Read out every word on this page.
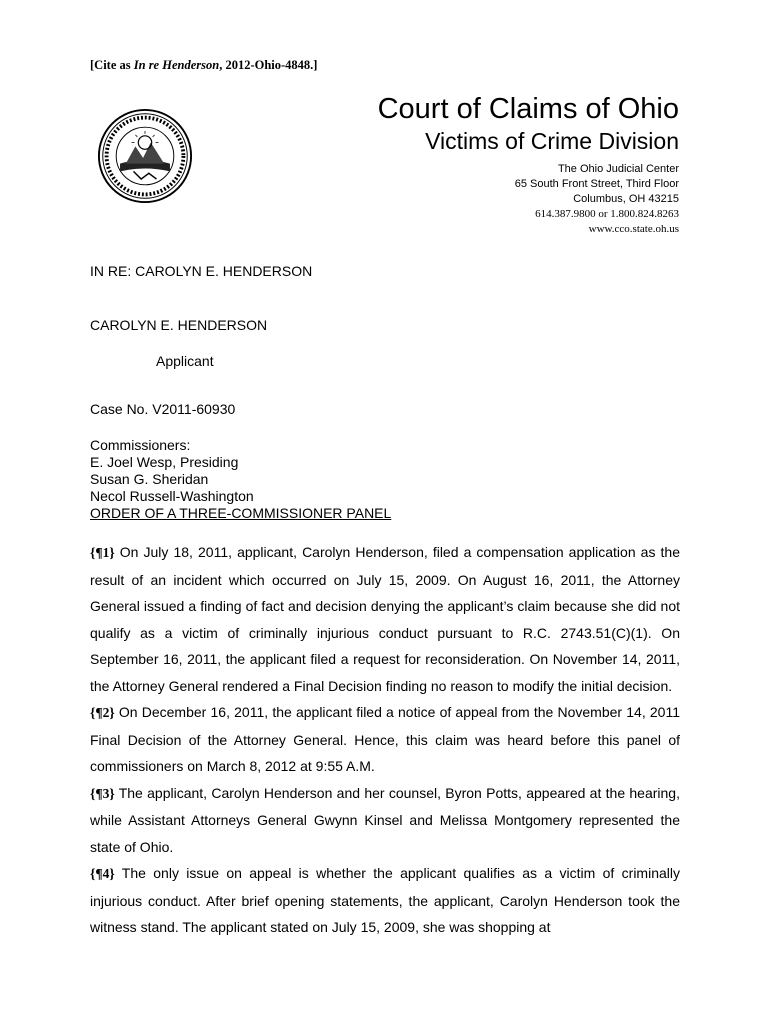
[Cite as In re Henderson, 2012-Ohio-4848.]
Court of Claims of Ohio
Victims of Crime Division
The Ohio Judicial Center
65 South Front Street, Third Floor
Columbus, OH 43215
614.387.9800 or 1.800.824.8263
www.cco.state.oh.us
IN RE: CAROLYN E. HENDERSON
CAROLYN E. HENDERSON
Applicant
Case No. V2011-60930
Commissioners:
E. Joel Wesp, Presiding
Susan G. Sheridan
Necol Russell-Washington
ORDER OF A THREE-COMMISSIONER PANEL

{¶1} On July 18, 2011, applicant, Carolyn Henderson, filed a compensation application as the result of an incident which occurred on July 15, 2009. On August 16, 2011, the Attorney General issued a finding of fact and decision denying the applicant’s claim because she did not qualify as a victim of criminally injurious conduct pursuant to R.C. 2743.51(C)(1). On September 16, 2011, the applicant filed a request for reconsideration. On November 14, 2011, the Attorney General rendered a Final Decision finding no reason to modify the initial decision.

{¶2} On December 16, 2011, the applicant filed a notice of appeal from the November 14, 2011 Final Decision of the Attorney General. Hence, this claim was heard before this panel of commissioners on March 8, 2012 at 9:55 A.M.

{¶3} The applicant, Carolyn Henderson and her counsel, Byron Potts, appeared at the hearing, while Assistant Attorneys General Gwynn Kinsel and Melissa Montgomery represented the state of Ohio.

{¶4} The only issue on appeal is whether the applicant qualifies as a victim of criminally injurious conduct. After brief opening statements, the applicant, Carolyn Henderson took the witness stand. The applicant stated on July 15, 2009, she was shopping at
